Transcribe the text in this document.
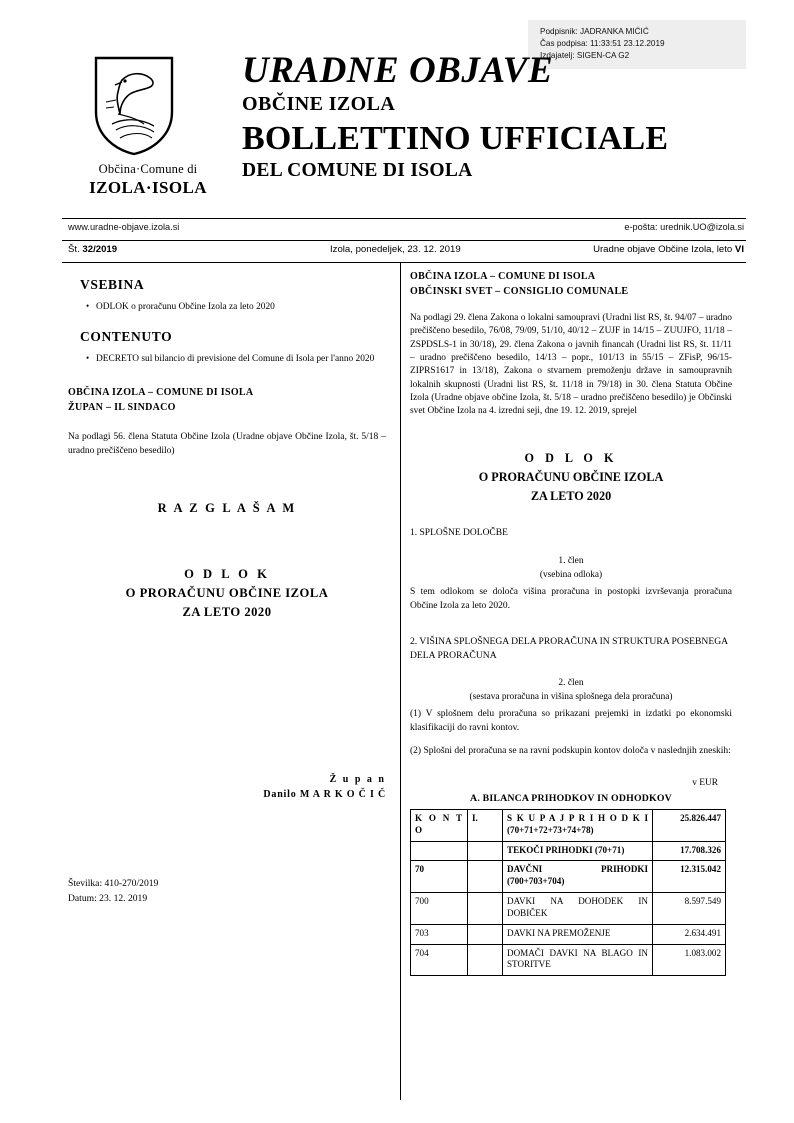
Podpisnik: JADRANKA MIĆIĆ
Čas podpisa: 11:33:51 23.12.2019
Izdajatelj: SIGEN-CA G2
Občina·Comune di
IZOLA·ISOLA
URADNE OBJAVE
OBČINE IZOLA
BOLLETTINO UFFICIALE
DEL COMUNE DI ISOLA
www.uradne-objave.izola.si	e-pošta: urednik.UO@izola.si
Št. 32/2019	Izola, ponedeljek, 23. 12. 2019	Uradne objave Občine Izola, leto VI
VSEBINA
• ODLOK o proračunu Občine Izola za leto 2020
CONTENUTO
• DECRETO sul bilancio di previsione del Comune di Isola per l'anno 2020
OBČINA IZOLA – COMUNE DI ISOLA
ŽUPAN – IL SINDACO
Na podlagi 56. člena Statuta Občine Izola (Uradne objave Občine Izola, št. 5/18 – uradno prečiščeno besedilo)
R A Z G L A Š A M
O D L O K
O PRORAČUNU OBČINE IZOLA
ZA LETO 2020
Ž u p a n
Danilo M A R K O Č I Č
Številka: 410-270/2019
Datum: 23. 12. 2019
OBČINA IZOLA – COMUNE DI ISOLA
OBČINSKI SVET – CONSIGLIO COMUNALE
Na podlagi 29. člena Zakona o lokalni samoupravi (Uradni list RS, št. 94/07 – uradno prečiščeno besedilo, 76/08, 79/09, 51/10, 40/12 – ZUJF in 14/15 – ZUUJFO, 11/18 – ZSPDSLS-1 in 30/18), 29. člena Zakona o javnih financah (Uradni list RS, št. 11/11 – uradno prečiščeno besedilo, 14/13 – popr., 101/13 in 55/15 – ZFisP, 96/15- ZIPRS1617 in 13/18), Zakona o stvarnem premoženju države in samoupravnih lokalnih skupnosti (Uradni list RS, št. 11/18 in 79/18) in 30. člena Statuta Občine Izola (Uradne objave občine Izola, št. 5/18 – uradno prečiščeno besedilo) je Občinski svet Občine Izola na 4. izredni seji, dne 19. 12. 2019, sprejel
O D L O K
O PRORAČUNU OBČINE IZOLA
ZA LETO 2020
1. SPLOŠNE DOLOČBE
1. člen
(vsebina odloka)
S tem odlokom se določa višina proračuna in postopki izvrševanja proračuna Občine Izola za leto 2020.
2. VIŠINA SPLOŠNEGA DELA PRORAČUNA IN STRUKTURA POSEBNEGA DELA PRORAČUNA
2. člen
(sestava proračuna in višina splošnega dela proračuna)
(1) V splošnem delu proračuna so prikazani prejemki in izdatki po ekonomski klasifikaciji do ravni kontov.
(2) Splošni del proračuna se na ravni podskupin kontov določa v naslednjih zneskih:
v EUR
A. BILANCA PRIHODKOV IN ODHODKOV
K O N T O	I.	S K U P A J P R I H O D K I (70+71+72+73+74+78)	25.826.447
		TEKOČI PRIHODKI (70+71)	17.708.326
70		DAVČNI PRIHODKI (700+703+704)	12.315.042
700		DAVKI NA DOHODEK IN DOBIČEK	8.597.549
703		DAVKI NA PREMOŽENJE	2.634.491
704		DOMAČI DAVKI NA BLAGO IN STORITVE	1.083.002
